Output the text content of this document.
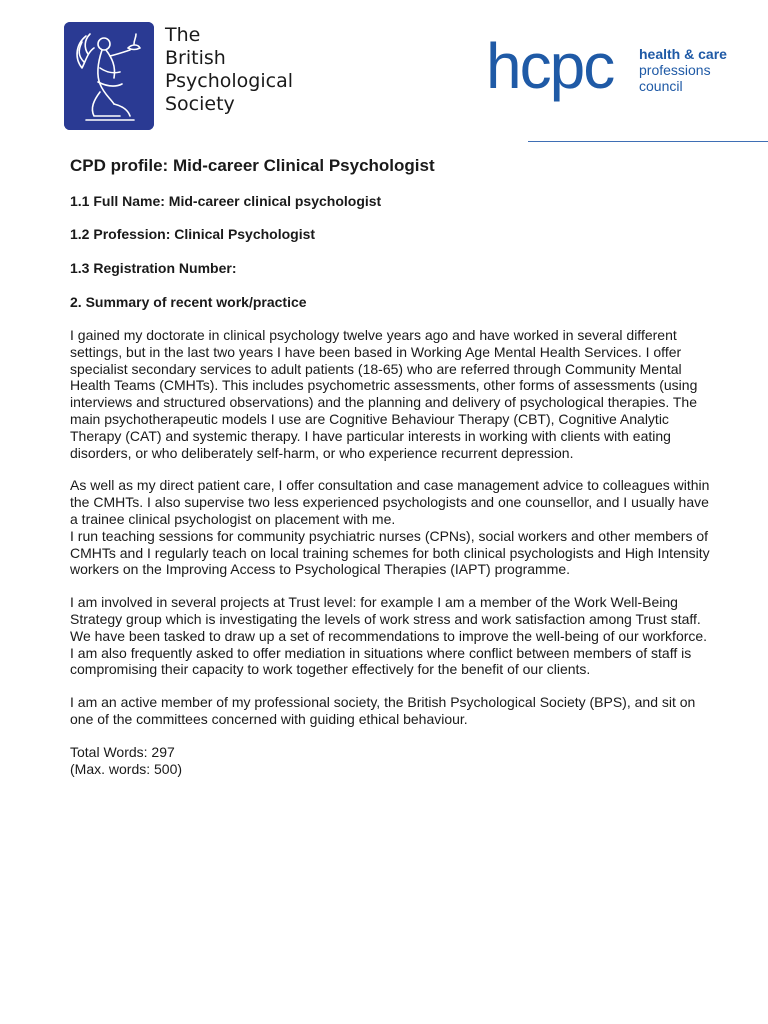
The
British
Psychological
Society
hcpc health & care
professions
council
CPD profile: Mid-career Clinical Psychologist

1.1 Full Name: Mid-career clinical psychologist

1.2 Profession: Clinical Psychologist

1.3 Registration Number:

2. Summary of recent work/practice

I gained my doctorate in clinical psychology twelve years ago and have worked in several different settings, but in the last two years I have been based in Working Age Mental Health Services. I offer specialist secondary services to adult patients (18-65) who are referred through Community Mental Health Teams (CMHTs). This includes psychometric assessments, other forms of assessments (using interviews and structured observations) and the planning and delivery of psychological therapies. The main psychotherapeutic models I use are Cognitive Behaviour Therapy (CBT), Cognitive Analytic Therapy (CAT) and systemic therapy. I have particular interests in working with clients with eating disorders, or who deliberately self-harm, or who experience recurrent depression.

As well as my direct patient care, I offer consultation and case management advice to colleagues within the CMHTs. I also supervise two less experienced psychologists and one counsellor, and I usually have a trainee clinical psychologist on placement with me.

I run teaching sessions for community psychiatric nurses (CPNs), social workers and other members of CMHTs and I regularly teach on local training schemes for both clinical psychologists and High Intensity workers on the Improving Access to Psychological Therapies (IAPT) programme.

I am involved in several projects at Trust level: for example I am a member of the Work Well-Being Strategy group which is investigating the levels of work stress and work satisfaction among Trust staff. We have been tasked to draw up a set of recommendations to improve the well-being of our workforce. I am also frequently asked to offer mediation in situations where conflict between members of staff is compromising their capacity to work together effectively for the benefit of our clients.

I am an active member of my professional society, the British Psychological Society (BPS), and sit on one of the committees concerned with guiding ethical behaviour.

Total Words: 297
(Max. words: 500)
